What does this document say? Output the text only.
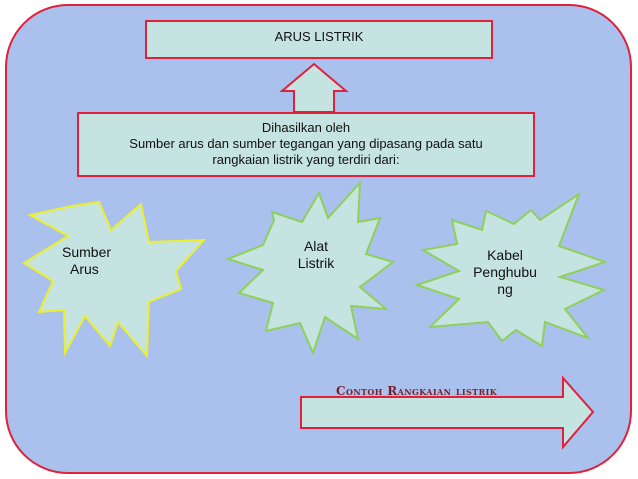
ARUS LISTRIK
Dihasilkan oleh
Sumber arus dan sumber tegangan yang dipasang pada satu
rangkaian listrik yang terdiri dari:
Sumber
Arus
Alat
Listrik	Kabel
Penghubu
ng
Contoh Rangkaian listrik
